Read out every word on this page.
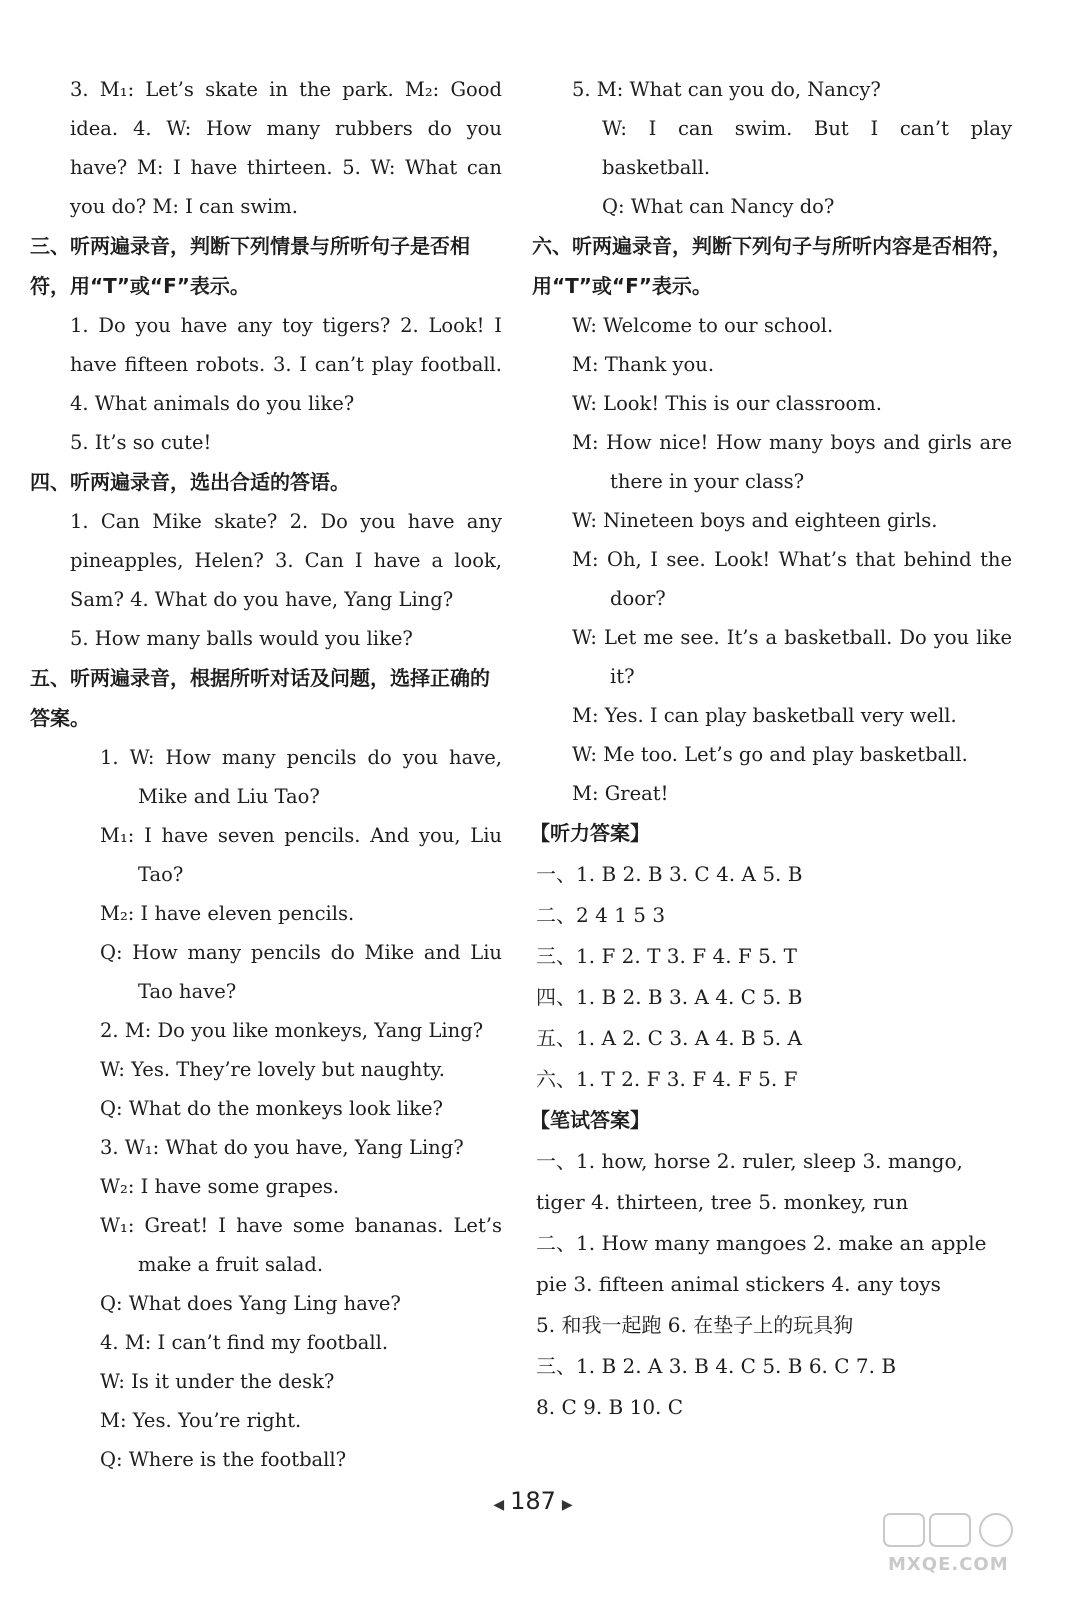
3. M₁: Let’s skate in the park. M₂: Good idea. 4. W: How many rubbers do you have? M: I have thirteen. 5. W: What can you do? M: I can swim.

三、听两遍录音，判断下列情景与所听句子是否相符，用“T”或“F”表示。

1. Do you have any toy tigers? 2. Look! I have fifteen robots. 3. I can’t play football. 4. What animals do you like?

5. It’s so cute!

四、听两遍录音，选出合适的答语。

1. Can Mike skate? 2. Do you have any pineapples, Helen? 3. Can I have a look, Sam? 4. What do you have, Yang Ling?

5. How many balls would you like?

五、听两遍录音，根据所听对话及问题，选择正确的答案。

1. W: How many pencils do you have, Mike and Liu Tao?

M₁: I have seven pencils. And you, Liu Tao?

M₂: I have eleven pencils.

Q: How many pencils do Mike and Liu Tao have?

2. M: Do you like monkeys, Yang Ling?

W: Yes. They’re lovely but naughty.

Q: What do the monkeys look like?

3. W₁: What do you have, Yang Ling?

W₂: I have some grapes.

W₁: Great! I have some bananas. Let’s make a fruit salad.

Q: What does Yang Ling have?

4. M: I can’t find my football.

W: Is it under the desk?

M: Yes. You’re right.

Q: Where is the football?

5. M: What can you do, Nancy?

W: I can swim. But I can’t play basketball.

Q: What can Nancy do?

六、听两遍录音，判断下列句子与所听内容是否相符，用“T”或“F”表示。

W: Welcome to our school.

M: Thank you.

W: Look! This is our classroom.

M: How nice! How many boys and girls are there in your class?

W: Nineteen boys and eighteen girls.

M: Oh, I see. Look! What’s that behind the door?

W: Let me see. It’s a basketball. Do you like it?

M: Yes. I can play basketball very well.

W: Me too. Let’s go and play basketball.

M: Great!

【听力答案】

一、1. B 2. B 3. C 4. A 5. B

二、2 4 1 5 3

三、1. F 2. T 3. F 4. F 5. T

四、1. B 2. B 3. A 4. C 5. B

五、1. A 2. C 3. A 4. B 5. A

六、1. T 2. F 3. F 4. F 5. F

【笔试答案】

一、1. how, horse 2. ruler, sleep 3. mango, tiger 4. thirteen, tree 5. monkey, run

二、1. How many mangoes 2. make an apple pie 3. fifteen animal stickers 4. any toys

5. 和我一起跑 6. 在垫子上的玩具狗

三、1. B 2. A 3. B 4. C 5. B 6. C 7. B

8. C 9. B 10. C

◀ 187 ▶
MXQE.COM
